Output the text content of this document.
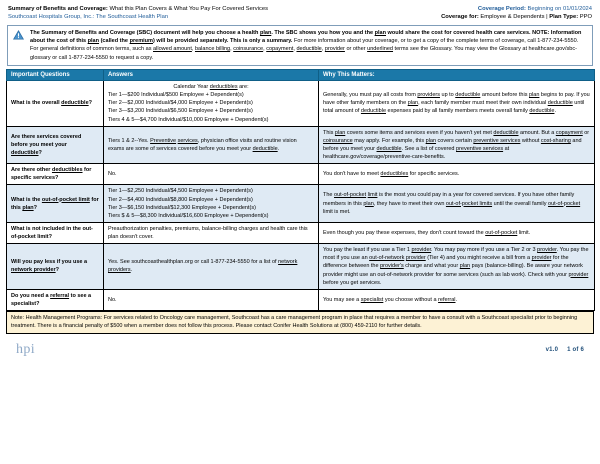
Summary of Benefits and Coverage: What this Plan Covers & What You Pay For Covered Services
Southcoast Hospitals Group, Inc.: The Southcoast Health Plan
Coverage Period: Beginning on 01/01/2024
Coverage for: Employee & Dependents | Plan Type: PPO

The Summary of Benefits and Coverage (SBC) document will help you choose a health plan. The SBC shows you how you and the plan would share the cost for covered health care services. NOTE: Information about the cost of this plan (called the premium) will be provided separately. This is only a summary. For more information about your coverage, or to get a copy of the complete terms of coverage, call 1-877-234-5550. For general definitions of common terms, such as allowed amount, balance billing, coinsurance, copayment, deductible, provider or other underlined terms see the Glossary. You may view the Glossary at healthcare.gov/sbc-glossary or call 1-877-234-5550 to request a copy.

Important Questions	Answers	Why This Matters:
What is the overall deductible?	
Calendar Year deductibles are:
Tier 1—$200 Individual/$500 Employee + Dependent(s)
Tier 2—$2,000 Individual/$4,000 Employee + Dependent(s)
Tier 3—$3,200 Individual/$6,500 Employee + Dependent(s)
Tiers 4 & 5—$4,700 Individual/$10,000 Employee + Dependent(s)
	Generally, you must pay all costs from providers up to deductible amount before this plan begins to pay. If you have other family members on the plan, each family member must meet their own individual deductible until total amount of deductible expenses paid by all family members meets overall family deductible.
Are there services covered before you meet your deductible?	Tiers 1 & 2--Yes. Preventive services, physician office visits and routine vision exams are some of services covered before you meet your deductible.	This plan covers some items and services even if you haven't yet met deductible amount. But a copayment or coinsurance may apply. For example, this plan covers certain preventive services without cost-sharing and before you meet your deductible. See a list of covered preventive services at healthcare.gov/coverage/preventive-care-benefits.
Are there other deductibles for specific services?	No.	You don't have to meet deductibles for specific services.
What is the out-of-pocket limit for this plan?	
Tier 1—$2,250 Individual/$4,500 Employee + Dependent(s)
Tier 2—$4,400 Individual/$8,800 Employee + Dependent(s)
Tier 3—$6,150 Individual/$12,300 Employee + Dependent(s)
Tiers $ & 5—$8,300 Individual/$16,600 Employee + Dependent(s)
	The out-of-pocket limit is the most you could pay in a year for covered services. If you have other family members in this plan, they have to meet their own out-of-pocket limits until the overall family out-of-pocket limit is met.
What is not included in the out-of-pocket limit?	Preauthorization penalties, premiums, balance-billing charges and health care this plan doesn't cover.	Even though you pay these expenses, they don't count toward the out-of-pocket limit.
Will you pay less if you use a network provider?	Yes. See southcoasthealthplan.org or call 1-877-234-5550 for a list of network providers.	You pay the least if you use a Tier 1 provider. You may pay more if you use a Tier 2 or 3 provider. You pay the most if you use an out-of-network provider (Tier 4) and you might receive a bill from a provider for the difference between the provider's charge and what your plan pays (balance-billing). Be aware your network provider might use an out-of-network provider for some services (such as lab work). Check with your provider before you get services.
Do you need a referral to see a specialist?	No.	You may see a specialist you choose without a referral.
Note: Health Management Programs: For services related to Oncology care management, Southcoast has a care management program in place that requires a member to have a consult with a Southcoast specialist prior to beginning treatment. There is a financial penalty of $500 when a member does not follow this process. Please contact Conifer Health Solutions at (800) 459-2110 for further details.
hpi	v1.0 1 of 6
